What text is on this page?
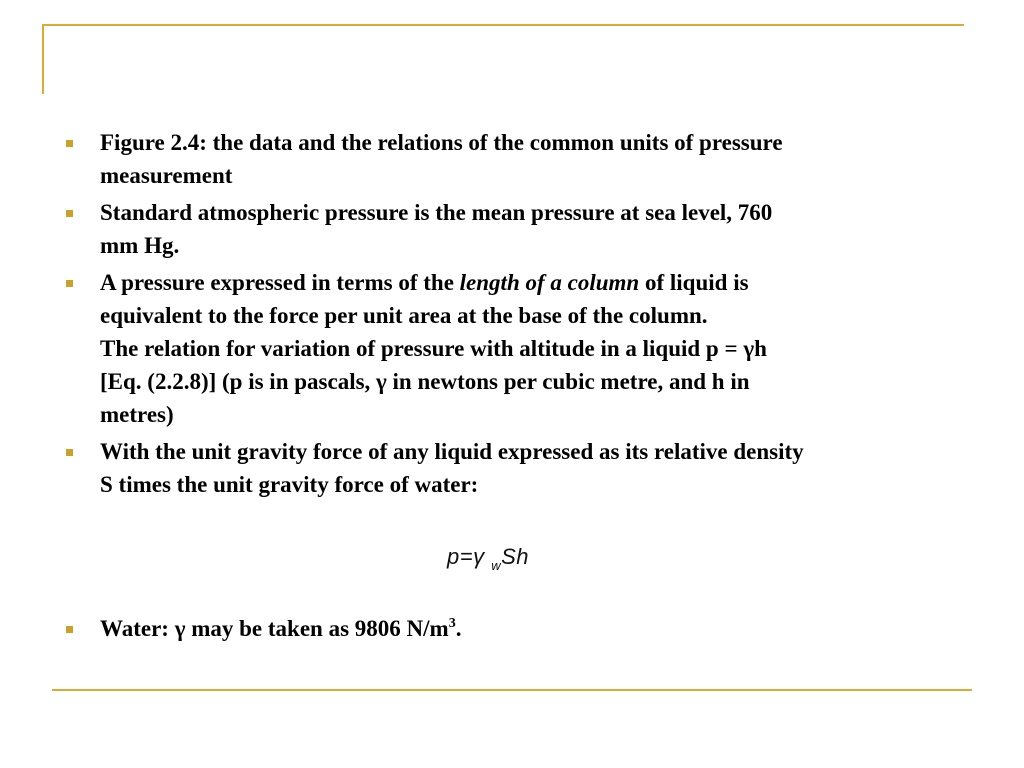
Figure 2.4: the data and the relations of the common units of pressure
measurement
Standard atmospheric pressure is the mean pressure at sea level, 760
mm Hg.
A pressure expressed in terms of the length of a column of liquid is
equivalent to the force per unit area at the base of the column.
The relation for variation of pressure with altitude in a liquid p = γh
[Eq. (2.2.8)] (p is in pascals, γ in newtons per cubic metre, and h in
metres)
With the unit gravity force of any liquid expressed as its relative density
S times the unit gravity force of water:
p=γ $_w$Sh
Water: γ may be taken as 9806 $N/m^3$.
